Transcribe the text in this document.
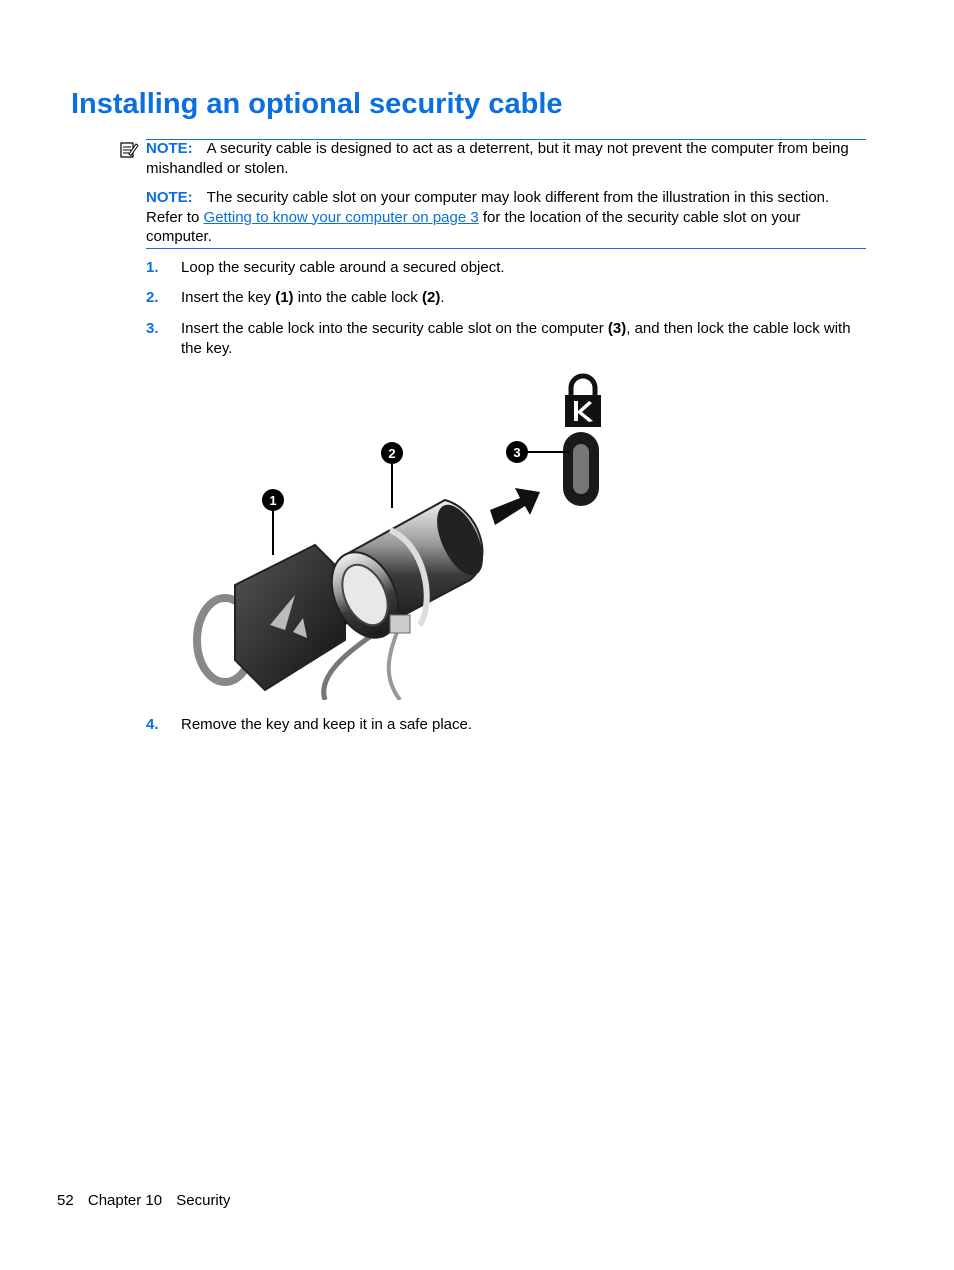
Installing an optional security cable

NOTE: A security cable is designed to act as a deterrent, but it may not prevent the computer from being mishandled or stolen.

NOTE: The security cable slot on your computer may look different from the illustration in this section. Refer to Getting to know your computer on page 3 for the location of the security cable slot on your computer.

1. Loop the security cable around a secured object.
2. Insert the key (1) into the cable lock (2).
3. Insert the cable lock into the security cable slot on the computer (3), and then lock the cable lock with the key.
1
2	3
4. Remove the key and keep it in a safe place.
52 Chapter 10 Security
